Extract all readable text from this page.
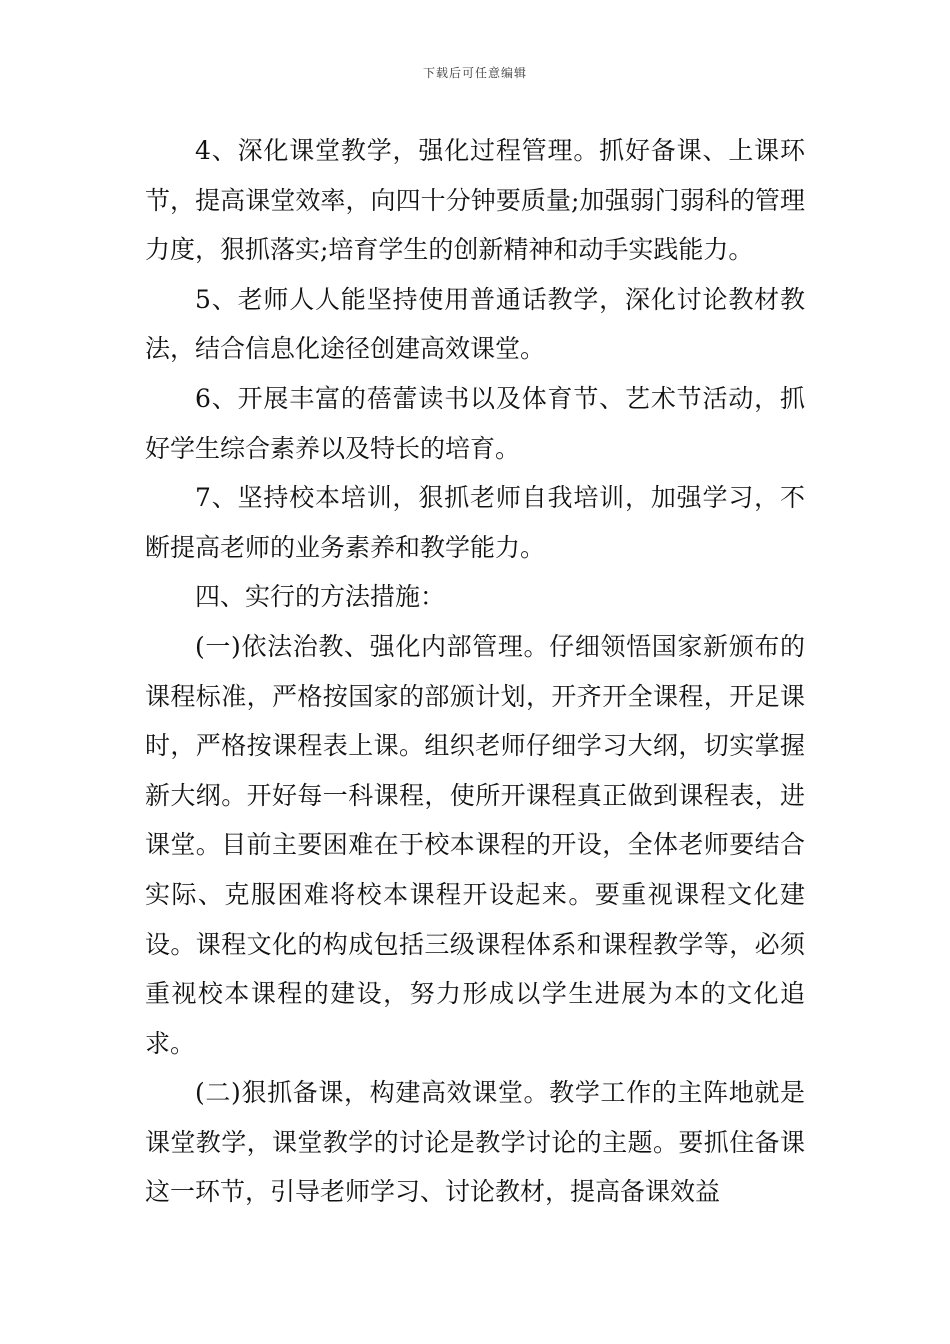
下载后可任意编辑

4、深化课堂教学，强化过程管理。抓好备课、上课环节，提高课堂效率，向四十分钟要质量;加强弱门弱科的管理力度，狠抓落实;培育学生的创新精神和动手实践能力。

5、老师人人能坚持使用普通话教学，深化讨论教材教法，结合信息化途径创建高效课堂。

6、开展丰富的蓓蕾读书以及体育节、艺术节活动，抓好学生综合素养以及特长的培育。

7、坚持校本培训，狠抓老师自我培训，加强学习，不断提高老师的业务素养和教学能力。

四、实行的方法措施：

(一)依法治教、强化内部管理。仔细领悟国家新颁布的课程标准，严格按国家的部颁计划，开齐开全课程，开足课时，严格按课程表上课。组织老师仔细学习大纲，切实掌握新大纲。开好每一科课程，使所开课程真正做到课程表，进课堂。目前主要困难在于校本课程的开设，全体老师要结合实际、克服困难将校本课程开设起来。要重视课程文化建设。课程文化的构成包括三级课程体系和课程教学等，必须重视校本课程的建设，努力形成以学生进展为本的文化追求。

(二)狠抓备课，构建高效课堂。教学工作的主阵地就是课堂教学，课堂教学的讨论是教学讨论的主题。要抓住备课这一环节，引导老师学习、讨论教材，提高备课效益
